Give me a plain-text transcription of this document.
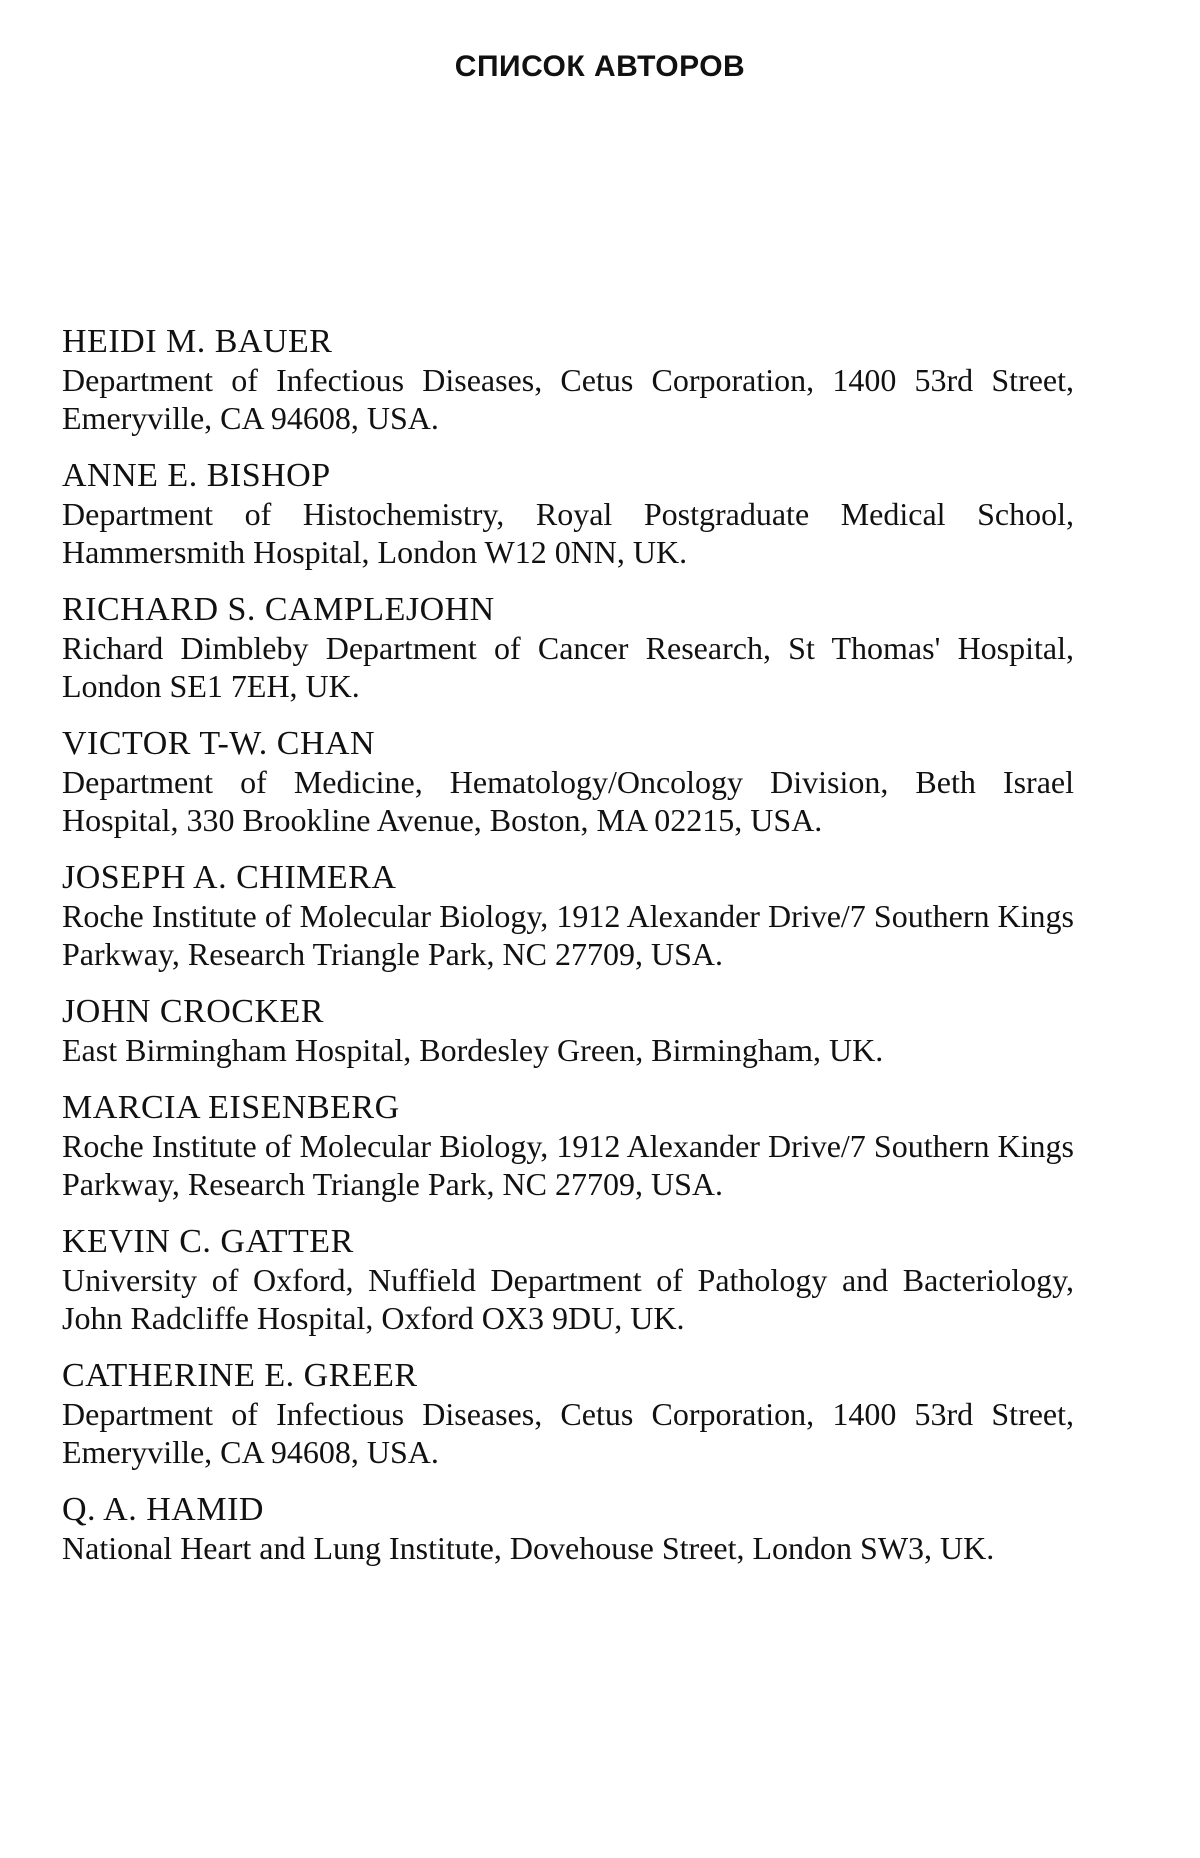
СПИСОК АВТОРОВ
HEIDI M. BAUER
Department of Infectious Diseases, Cetus Corporation, 1400 53rd Street, Emeryville, CA 94608, USA.
ANNE E. BISHOP
Department of Histochemistry, Royal Postgraduate Medical School, Hammersmith Hospital, London W12 0NN, UK.
RICHARD S. CAMPLEJOHN
Richard Dimbleby Department of Cancer Research, St Thomas' Hospital, London SE1 7EH, UK.
VICTOR T-W. CHAN
Department of Medicine, Hematology/Oncology Division, Beth Israel Hospital, 330 Brookline Avenue, Boston, MA 02215, USA.
JOSEPH A. CHIMERA
Roche Institute of Molecular Biology, 1912 Alexander Drive/7 Southern Kings Parkway, Research Triangle Park, NC 27709, USA.
JOHN CROCKER
East Birmingham Hospital, Bordesley Green, Birmingham, UK.
MARCIA EISENBERG
Roche Institute of Molecular Biology, 1912 Alexander Drive/7 Southern Kings Parkway, Research Triangle Park, NC 27709, USA.
KEVIN C. GATTER
University of Oxford, Nuffield Department of Pathology and Bacteriology, John Radcliffe Hospital, Oxford OX3 9DU, UK.
CATHERINE E. GREER
Department of Infectious Diseases, Cetus Corporation, 1400 53rd Street, Emeryville, CA 94608, USA.
Q. A. HAMID
National Heart and Lung Institute, Dovehouse Street, London SW3, UK.
